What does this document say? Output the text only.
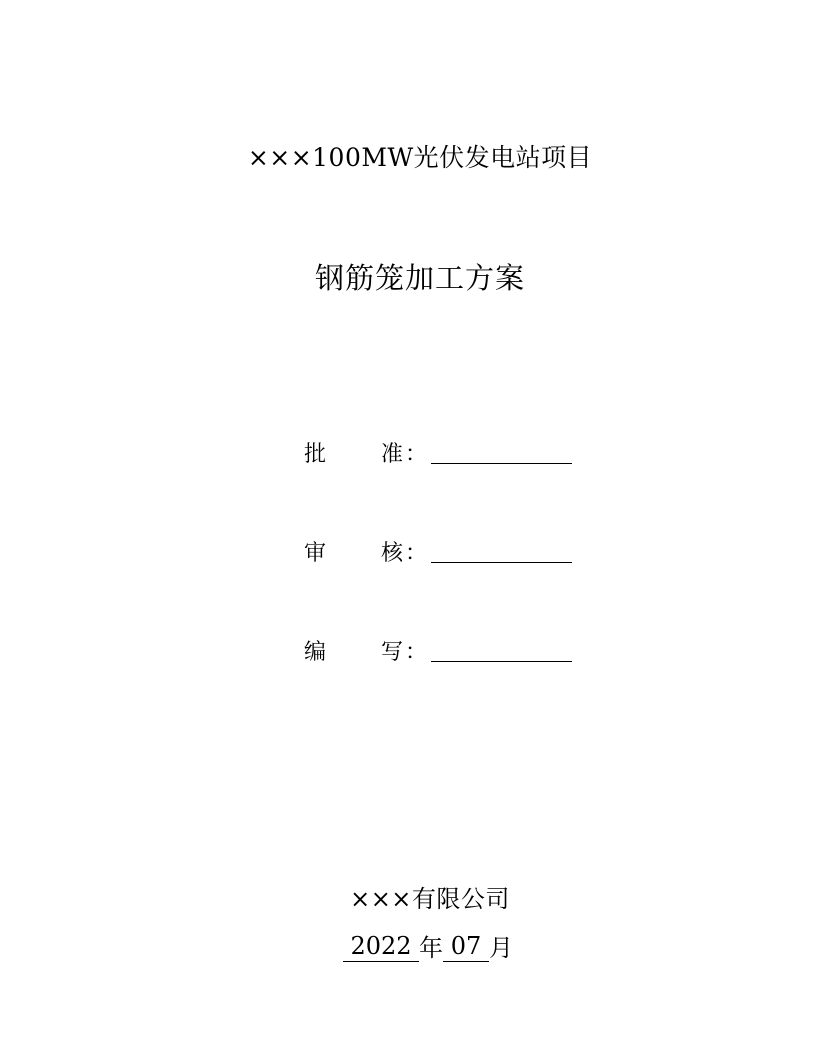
×××100MW光伏发电站项目
钢筋笼加工方案
批 准 ：
审 核 ：
编 写 ：
×××有限公司
2022 年 07 月
